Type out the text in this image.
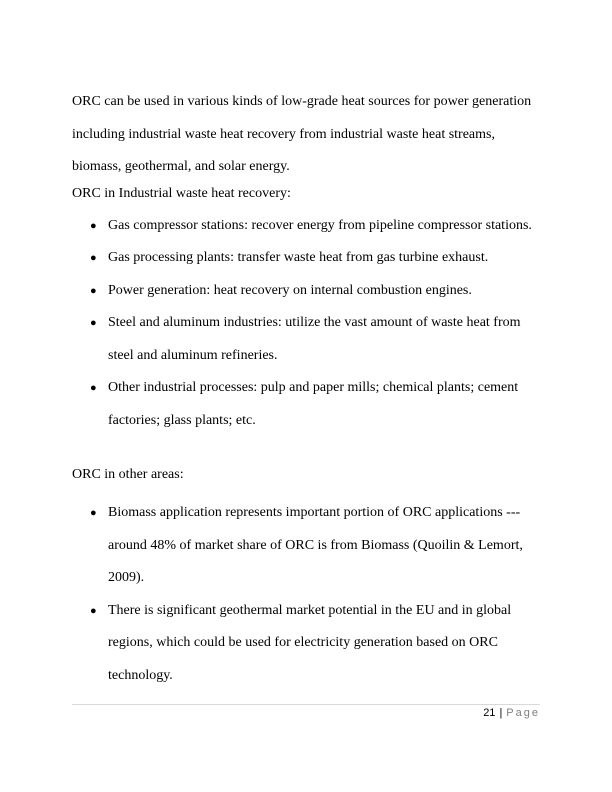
ORC can be used in various kinds of low-grade heat sources for power generation
including industrial waste heat recovery from industrial waste heat streams,
biomass, geothermal, and solar energy.

ORC in Industrial waste heat recovery:

● Gas compressor stations: recover energy from pipeline compressor stations.
● Gas processing plants: transfer waste heat from gas turbine exhaust.
● Power generation: heat recovery on internal combustion engines.
● Steel and aluminum industries: utilize the vast amount of waste heat from
steel and aluminum refineries.
● Other industrial processes: pulp and paper mills; chemical plants; cement
factories; glass plants; etc.

ORC in other areas:

● Biomass application represents important portion of ORC applications ---
around 48% of market share of ORC is from Biomass (Quoilin & Lemort,
2009).
● There is significant geothermal market potential in the EU and in global
regions, which could be used for electricity generation based on ORC
technology.
21 | Page
